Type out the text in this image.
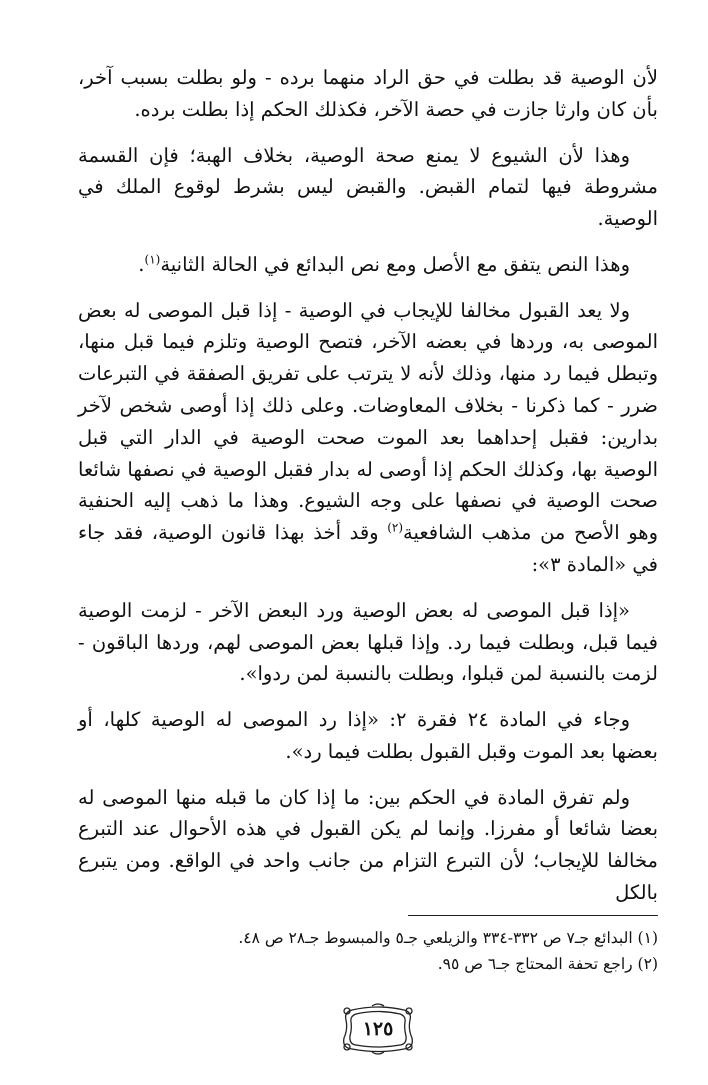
لأن الوصية قد بطلت في حق الراد منهما برده - ولو بطلت بسبب آخر، بأن كان وارثا جازت في حصة الآخر، فكذلك الحكم إذا بطلت برده.

وهذا لأن الشيوع لا يمنع صحة الوصية، بخلاف الهبة؛ فإن القسمة مشروطة فيها لتمام القبض. والقبض ليس بشرط لوقوع الملك في الوصية.

وهذا النص يتفق مع الأصل ومع نص البدائع في الحالة الثانية$^{(١)}$.

ولا يعد القبول مخالفا للإيجاب في الوصية - إذا قبل الموصى له بعض الموصى به، وردها في بعضه الآخر، فتصح الوصية وتلزم فيما قبل منها، وتبطل فيما رد منها، وذلك لأنه لا يترتب على تفريق الصفقة في التبرعات ضرر - كما ذكرنا - بخلاف المعاوضات. وعلى ذلك إذا أوصى شخص لآخر بدارين: فقبل إحداهما بعد الموت صحت الوصية في الدار التي قبل الوصية بها، وكذلك الحكم إذا أوصى له بدار فقبل الوصية في نصفها شائعا صحت الوصية في نصفها على وجه الشيوع. وهذا ما ذهب إليه الحنفية وهو الأصح من مذهب الشافعية$^{(٢)}$ وقد أخذ بهذا قانون الوصية، فقد جاء في «المادة ٣»:

«إذا قبل الموصى له بعض الوصية ورد البعض الآخر - لزمت الوصية فيما قبل، وبطلت فيما رد. وإذا قبلها بعض الموصى لهم، وردها الباقون - لزمت بالنسبة لمن قبلوا، وبطلت بالنسبة لمن ردوا».

وجاء في المادة ٢٤ فقرة ٢: «إذا رد الموصى له الوصية كلها، أو بعضها بعد الموت وقبل القبول بطلت فيما رد».

ولم تفرق المادة في الحكم بين: ما إذا كان ما قبله منها الموصى له بعضا شائعا أو مفرزا. وإنما لم يكن القبول في هذه الأحوال عند التبرع مخالفا للإيجاب؛ لأن التبرع التزام من جانب واحد في الواقع. ومن يتبرع بالكل

(١) البدائع جـ٧ ص ٣٣٢-٣٣٤ والزيلعي جـ٥ والمبسوط جـ٢٨ ص ٤٨.
(٢) راجع تحفة المحتاج جـ٦ ص ٩٥.
١٢٥
